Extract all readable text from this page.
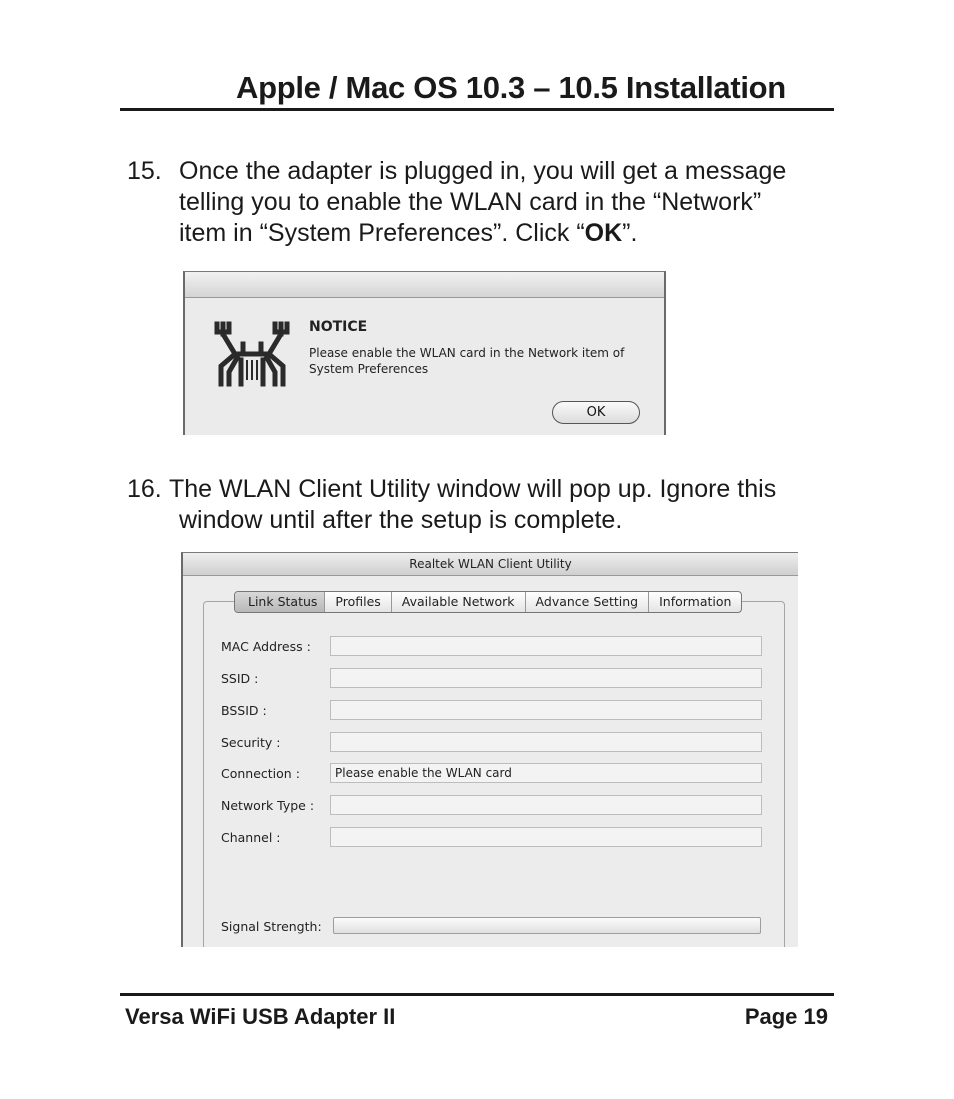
Apple / Mac OS 10.3 – 10.5 Installation
15. Once the adapter is plugged in, you will get a message
telling you to enable the WLAN card in the “Network”
item in “System Preferences”. Click “OK”.
NOTICE
Please enable the WLAN card in the Network item of
System Preferences
OK
16. The WLAN Client Utility window will pop up. Ignore this
window until after the setup is complete.
Realtek WLAN Client Utility
Link Status	Profiles	Available Network	Advance Setting	Information
MAC Address :
SSID :
BSSID :
Security :
Connection :	Please enable the WLAN card
Network Type :
Channel :
Signal Strength:
Versa WiFi USB Adapter II	Page 19
